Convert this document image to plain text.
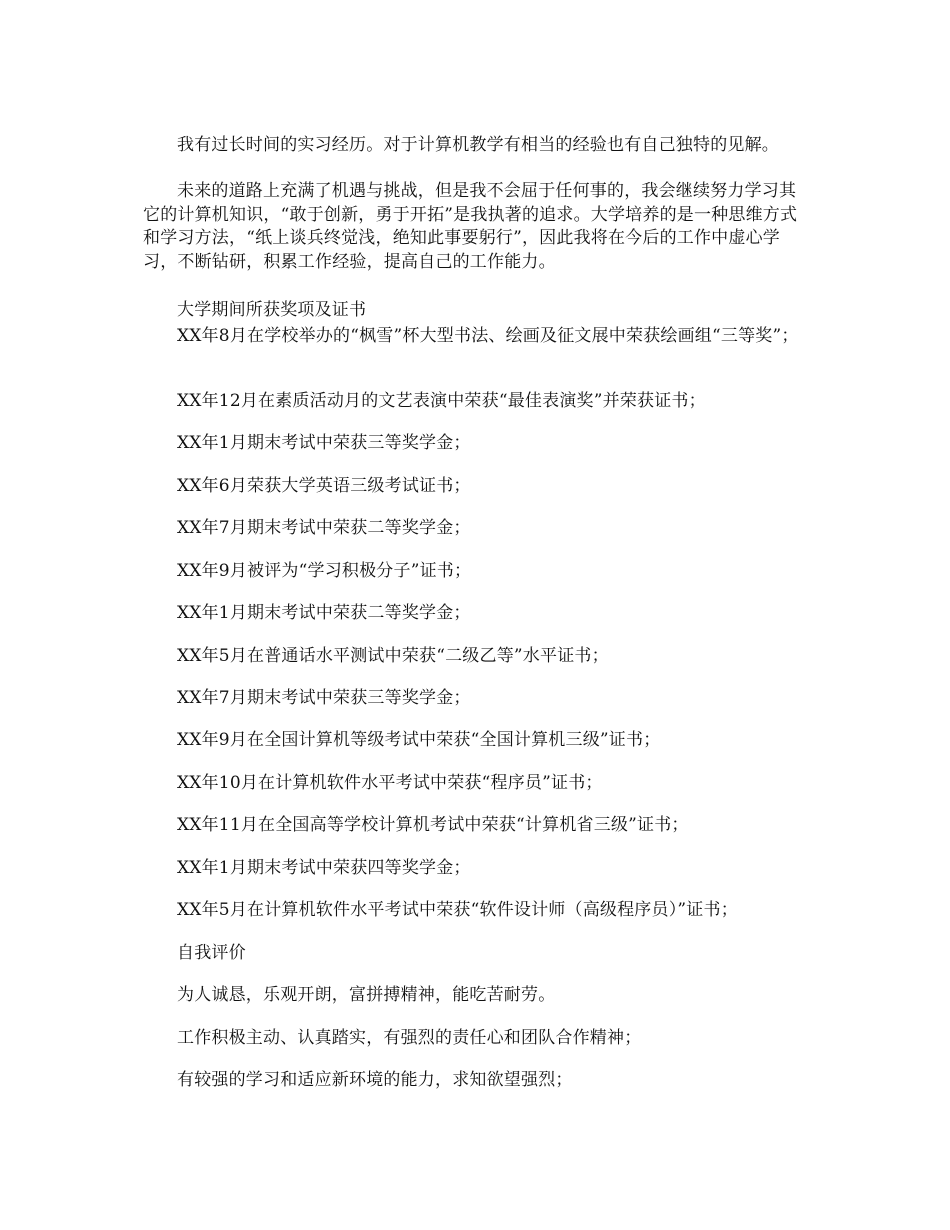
我有过长时间的实习经历。对于计算机教学有相当的经验也有自己独特的见解。

未来的道路上充满了机遇与挑战，但是我不会屈于任何事的，我会继续努力学习其它的计算机知识，“敢于创新，勇于开拓”是我执著的追求。大学培养的是一种思维方式和学习方法，“纸上谈兵终觉浅，绝知此事要躬行”，因此我将在今后的工作中虚心学习，不断钻研，积累工作经验，提高自己的工作能力。

大学期间所获奖项及证书

XX年8月在学校举办的“枫雪”杯大型书法、绘画及征文展中荣获绘画组“三等奖”；

XX年12月在素质活动月的文艺表演中荣获“最佳表演奖”并荣获证书；

XX年1月期末考试中荣获三等奖学金；

XX年6月荣获大学英语三级考试证书；

XX年7月期末考试中荣获二等奖学金；

XX年9月被评为“学习积极分子”证书；

XX年1月期末考试中荣获二等奖学金；

XX年5月在普通话水平测试中荣获“二级乙等”水平证书；

XX年7月期末考试中荣获三等奖学金；

XX年9月在全国计算机等级考试中荣获“全国计算机三级”证书；

XX年10月在计算机软件水平考试中荣获“程序员”证书；

XX年11月在全国高等学校计算机考试中荣获“计算机省三级”证书；

XX年1月期末考试中荣获四等奖学金；

XX年5月在计算机软件水平考试中荣获“软件设计师（高级程序员）”证书；

自我评价

为人诚恳，乐观开朗，富拼搏精神，能吃苦耐劳。

工作积极主动、认真踏实，有强烈的责任心和团队合作精神；

有较强的学习和适应新环境的能力，求知欲望强烈；
